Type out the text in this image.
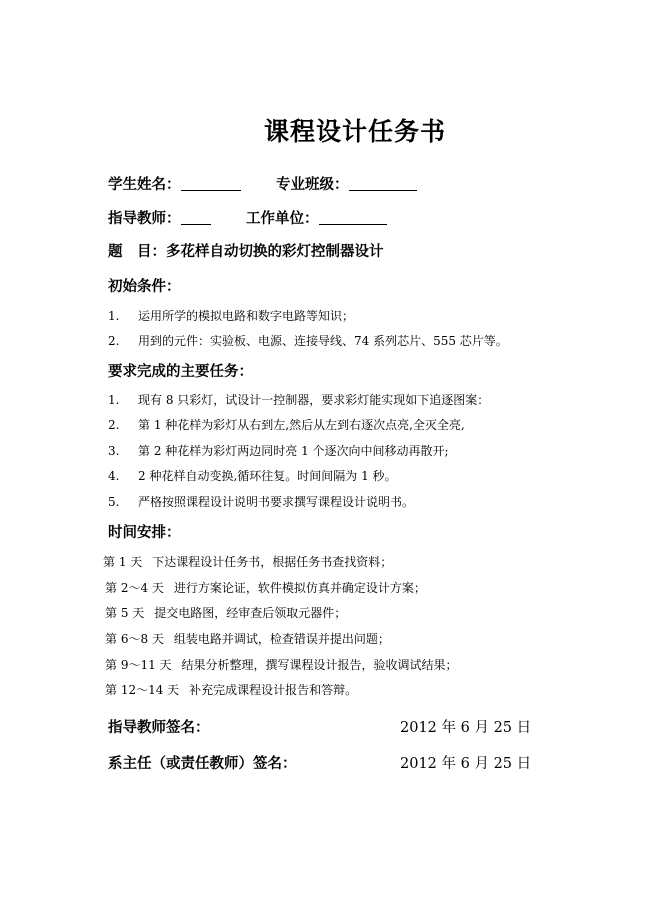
课程设计任务书
学生姓名：	专业班级：
指导教师：	工作单位：
题　目：多花样自动切换的彩灯控制器设计
初始条件：
1. 运用所学的模拟电路和数字电路等知识；
2. 用到的元件：实验板、电源、连接导线、74 系列芯片、555 芯片等。
要求完成的主要任务：
1. 现有 8 只彩灯，试设计一控制器，要求彩灯能实现如下追逐图案：
2. 第 1 种花样为彩灯从右到左,然后从左到右逐次点亮,全灭全亮,
3. 第 2 种花样为彩灯两边同时亮 1 个逐次向中间移动再散开;
4. 2 种花样自动变换,循环往复。时间间隔为 1 秒。
5. 严格按照课程设计说明书要求撰写课程设计说明书。
时间安排：
第 1 天 下达课程设计任务书，根据任务书查找资料；
第 2～4 天 进行方案论证，软件模拟仿真并确定设计方案；
第 5 天 提交电路图，经审查后领取元器件；
第 6～8 天 组装电路并调试，检查错误并提出问题；
第 9～11 天 结果分析整理，撰写课程设计报告，验收调试结果；
第 12～14 天 补充完成课程设计报告和答辩。
指导教师签名：	2012 年 6 月 25 日
系主任（或责任教师）签名：	2012 年 6 月 25 日
